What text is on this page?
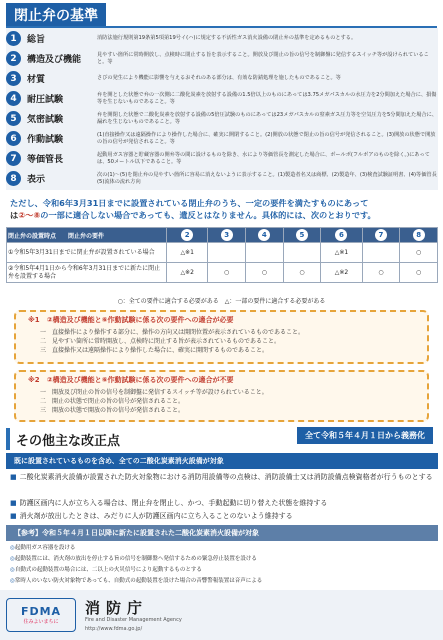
閉止弁の基準
1	総旨	消防法施行規則第19条第5項第19号イ(ハ)に規定する不活性ガス消火設備の閉止弁の基準を定めるものとする。
2	構造及び機能
見やすい箇所に常時開放し、点検時に閉止する旨を表示すること。開放及び閉止の旨の信号を制御盤に発信するスイッチ等が設けられていること。等
3	材質	さびの発生により機能に影響を与えるおそれのある部分は、有効な防錆処理を施したものであること。等
4	耐圧試験
弁を開とした状態で弁の一次側に二酸化炭素を放射する設備の1.5倍以上のものにあっては3.75メガパスカルの水圧力を2分間加えた場合に、損傷等を生じないものであること。等
5	気密試験
弁を開閉した状態で二酸化炭素を放射する設備の5倍圧試験のものにあっては23メガパスカルの窒素ガス圧力等を空気圧力を5分間加えた場合に、漏れを生じないものであること。等
6	作動試験
(1)直接操作又は遠隔操作により操作した場合に、確実に開閉すること。(2)開放の状態で閉止の旨の信号が発信されること。(3)開放の状態で開放の旨の信号が発信されること。等
7	等価管長
起動用ガス容器と貯蔵容器の開弁等の間に設けるものを除き、水により等価管長を測定した場合に、ボールボ(フルボアのものを除く。)にあっては、50メートル以下であること。等
8	表示
次の(1)〜(5)を閉止弁の見やすい箇所に容易に消えないように表示すること。(1)製造者名又は商標、(2)製造年、(3)検査試験証明書、(4)等価管長(5)流体の流れ方向
ただし、令和6年3月31日までに設置されている閉止弁のうち、一定の要件を満たすものにあって
は②〜⑧の一部に適合しない場合であっても、遺反とはなりません。具体的には、次のとおりです。
閉止弁の設置時点　　 閉止弁の要件	2	3	4	5	6	7	8
①令和5年3月31日までに閉止弁が設置されている場合	△※1				△※1		○
②令和5年4月1日から令和6年3月31日までに新たに閉止弁を設置する場合	△※2	○	○	○	△※2	○	○
○：全ての要件に適合する必要がある　△：一部の要件に適合する必要がある
※1　②構造及び機能と⑥作動試験に係る次の要件への適合が必要
一　直接操作により操作する部分に、操作の方向又は開閉位置が表示されているものであること。
二　見やすい箇所に常時開放し、点検時に閉止する旨が表示されているものであること。
三　直接操作又は遠隔操作により操作した場合に、確実に開閉するものであること。
※2　②構造及び機能と⑥作動試験に係る次の要件への適合が不要
一　開放及び閉止の旨の信号を制御盤に発信するスイッチ等が設けられていること。
二　開止の状態で閉止の旨の信号が発信されること。
三　開放の状態で開放の旨の信号が発信されること。
その他主な改正点	全て令和５年４月１日から義務化
既に設置されているものを含め、全ての二酸化炭素消火設備が対象
■ 二酸化炭素消火設備が設置された防火対象物における消防用設備等の点検は、消防設備士又は消防設備点検資格者が行うものとする
■ 防護区画内に人が立ち入る場合は、閉止弁を閉止し、かつ、手動起動に切り替えた状態を維持する
■ 消火剤が放出したときは、みだりに人が防護区画内に立ち入ることのないよう維持する
【参考】令和５年４月１日以降に新たに設置された二酸化炭素消火設備が対象
◎起動用ガス容器を設ける
◎起動装置には、消火剤の放出を停止する旨の信号を制御盤へ発信するための緊急停止装置を設ける
◎自動式の起動装置の場合には、二以上の火災信号により起動するものとする
◎常時人のいない防火対象物であっても、自動式の起動装置を設けた場合の音響警報装置は音声による
FDMA
住みよいまちに
消防庁
Fire and Disaster Management Agency
http://www.fdma.go.jp/
